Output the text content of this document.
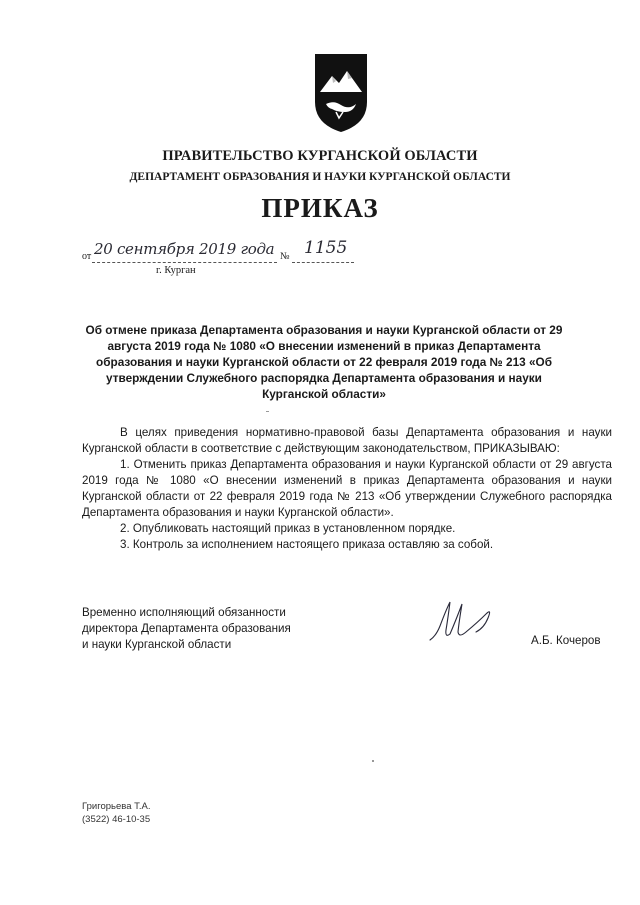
ПРАВИТЕЛЬСТВО КУРГАНСКОЙ ОБЛАСТИ
ДЕПАРТАМЕНТ ОБРАЗОВАНИЯ И НАУКИ КУРГАНСКОЙ ОБЛАСТИ
ПРИКАЗ
от 20 сентября 2019 года № 1155
г. Курган
Об отмене приказа Департамента образования и науки Курганской области от 29 августа 2019 года № 1080 «О внесении изменений в приказ Департамента образования и науки Курганской области от 22 февраля 2019 года № 213 «Об утверждении Служебного распорядка Департамента образования и науки Курганской области»

В целях приведения нормативно-правовой базы Департамента образования и науки Курганской области в соответствие с действующим законодательством, ПРИКАЗЫВАЮ:

1. Отменить приказ Департамента образования и науки Курганской области от 29 августа 2019 года № 1080 «О внесении изменений в приказ Департамента образования и науки Курганской области от 22 февраля 2019 года № 213 «Об утверждении Служебного распорядка Департамента образования и науки Курганской области».

2. Опубликовать настоящий приказ в установленном порядке.

3. Контроль за исполнением настоящего приказа оставляю за собой.

Временно исполняющий обязанности
директора Департамента образования
и науки Курганской области	А.Б. Кочеров
Григорьева Т.А.
(3522) 46-10-35
